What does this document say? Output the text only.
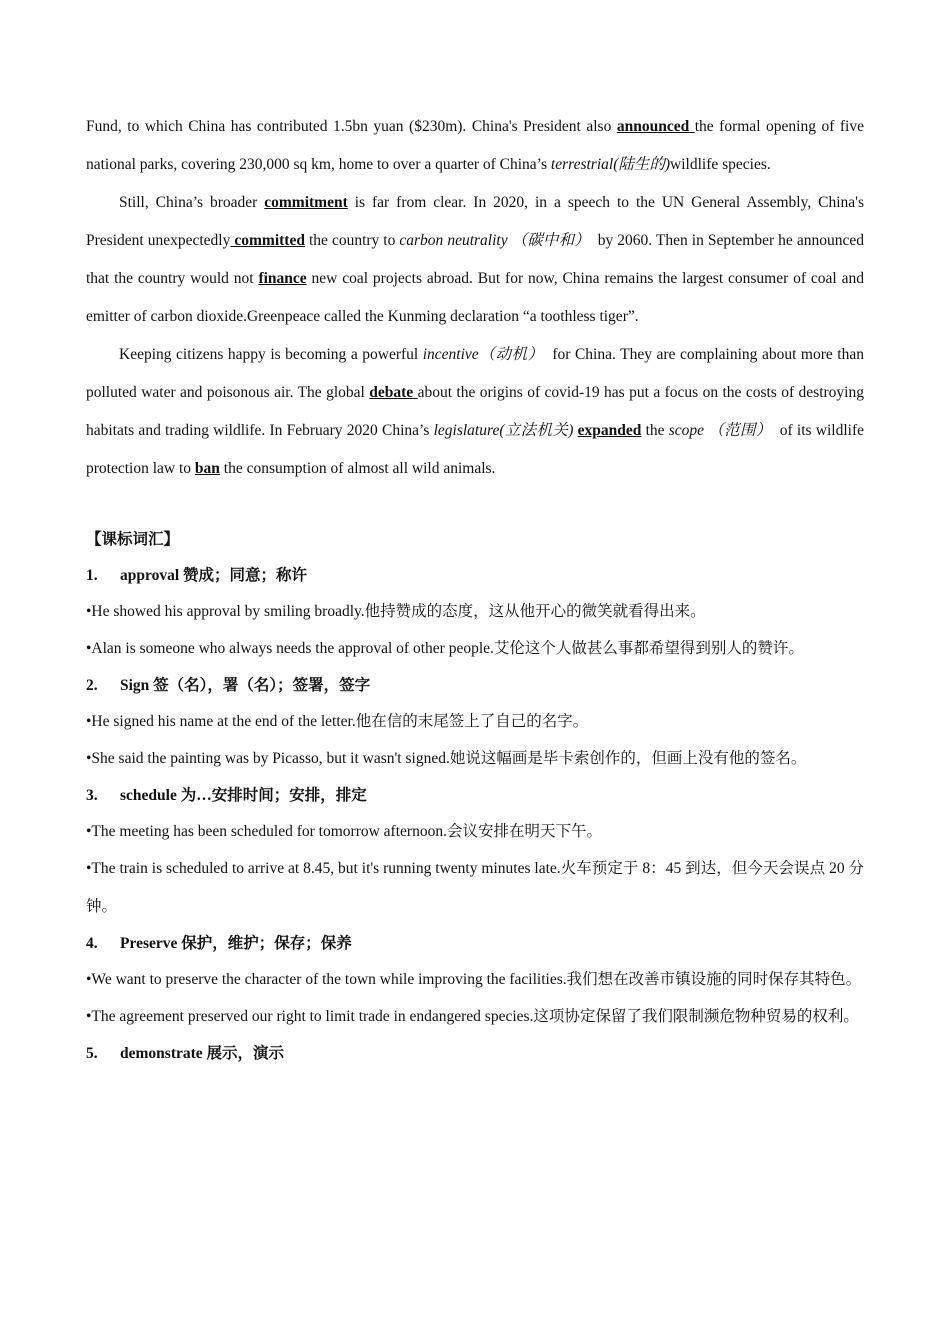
Fund, to which China has contributed 1.5bn yuan ($230m). China's President also announced the formal opening of five national parks, covering 230,000 sq km, home to over a quarter of China’s terrestrial(陆生的)wildlife species.

Still, China’s broader commitment is far from clear. In 2020, in a speech to the UN General Assembly, China's President unexpectedly committed the country to carbon neutrality （碳中和）　by 2060. Then in September he announced that the country would not finance new coal projects abroad. But for now, China remains the largest consumer of coal and emitter of carbon dioxide.Greenpeace called the Kunming declaration “a toothless tiger”.

Keeping citizens happy is becoming a powerful incentive（动机）　for China. They are complaining about more than polluted water and poisonous air. The global debate about the origins of covid-19 has put a focus on the costs of destroying habitats and trading wildlife. In February 2020 China’s legislature(立法机关) expanded the scope （范围）　of its wildlife protection law to ban the consumption of almost all wild animals.

【课标词汇】

1. approval 赞成；同意；称许

•He showed his approval by smiling broadly.他持赞成的态度，这从他开心的微笑就看得出来。

•Alan is someone who always needs the approval of other people.艾伦这个人做甚么事都希望得到别人的赞许。

2. Sign 签（名），署（名）；签署，签字

•He signed his name at the end of the letter.他在信的末尾签上了自己的名字。

•She said the painting was by Picasso, but it wasn't signed.她说这幅画是毕卡索创作的，但画上没有他的签名。

3. schedule 为…安排时间；安排，排定

•The meeting has been scheduled for tomorrow afternoon.会议安排在明天下午。

•The train is scheduled to arrive at 8.45, but it's running twenty minutes late.火车预定于 8：45 到达，但今天会误点 20 分钟。

4. Preserve 保护，维护；保存；保养

•We want to preserve the character of the town while improving the facilities.我们想在改善市镇设施的同时保存其特色。

•The agreement preserved our right to limit trade in endangered species.这项协定保留了我们限制濒危物种贸易的权利。

5. demonstrate 展示，演示
